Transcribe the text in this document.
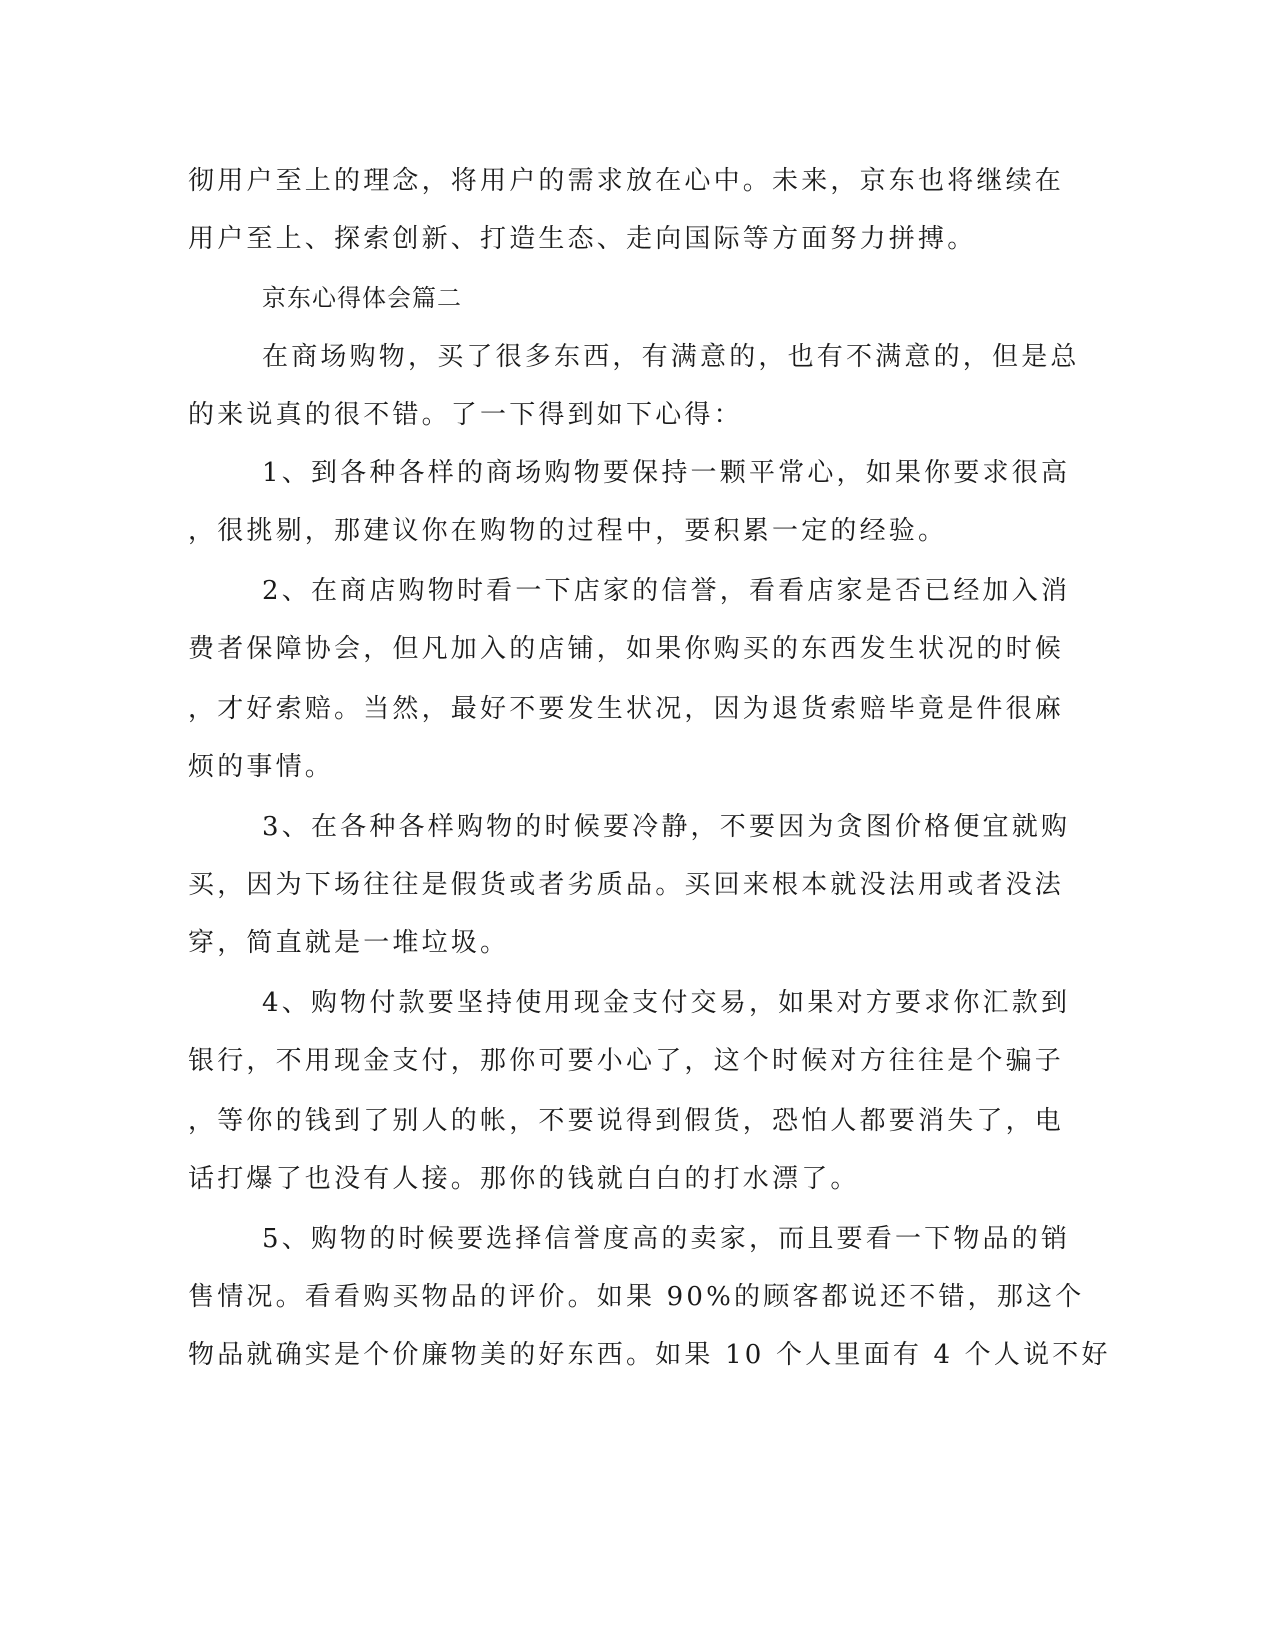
彻用户至上的理念，将用户的需求放在心中。未来，京东也将继续在
用户至上、探索创新、打造生态、走向国际等方面努力拼搏。
京东心得体会篇二
在商场购物，买了很多东西，有满意的，也有不满意的，但是总
的来说真的很不错。了一下得到如下心得：
1、到各种各样的商场购物要保持一颗平常心，如果你要求很高
，很挑剔，那建议你在购物的过程中，要积累一定的经验。
2、在商店购物时看一下店家的信誉，看看店家是否已经加入消
费者保障协会，但凡加入的店铺，如果你购买的东西发生状况的时候
，才好索赔。当然，最好不要发生状况，因为退货索赔毕竟是件很麻
烦的事情。
3、在各种各样购物的时候要冷静，不要因为贪图价格便宜就购
买，因为下场往往是假货或者劣质品。买回来根本就没法用或者没法
穿，简直就是一堆垃圾。
4、购物付款要坚持使用现金支付交易，如果对方要求你汇款到
银行，不用现金支付，那你可要小心了，这个时候对方往往是个骗子
，等你的钱到了别人的帐，不要说得到假货，恐怕人都要消失了，电
话打爆了也没有人接。那你的钱就白白的打水漂了。
5、购物的时候要选择信誉度高的卖家，而且要看一下物品的销
售情况。看看购买物品的评价。如果 90%的顾客都说还不错，那这个
物品就确实是个价廉物美的好东西。如果 10 个人里面有 4 个人说不好
